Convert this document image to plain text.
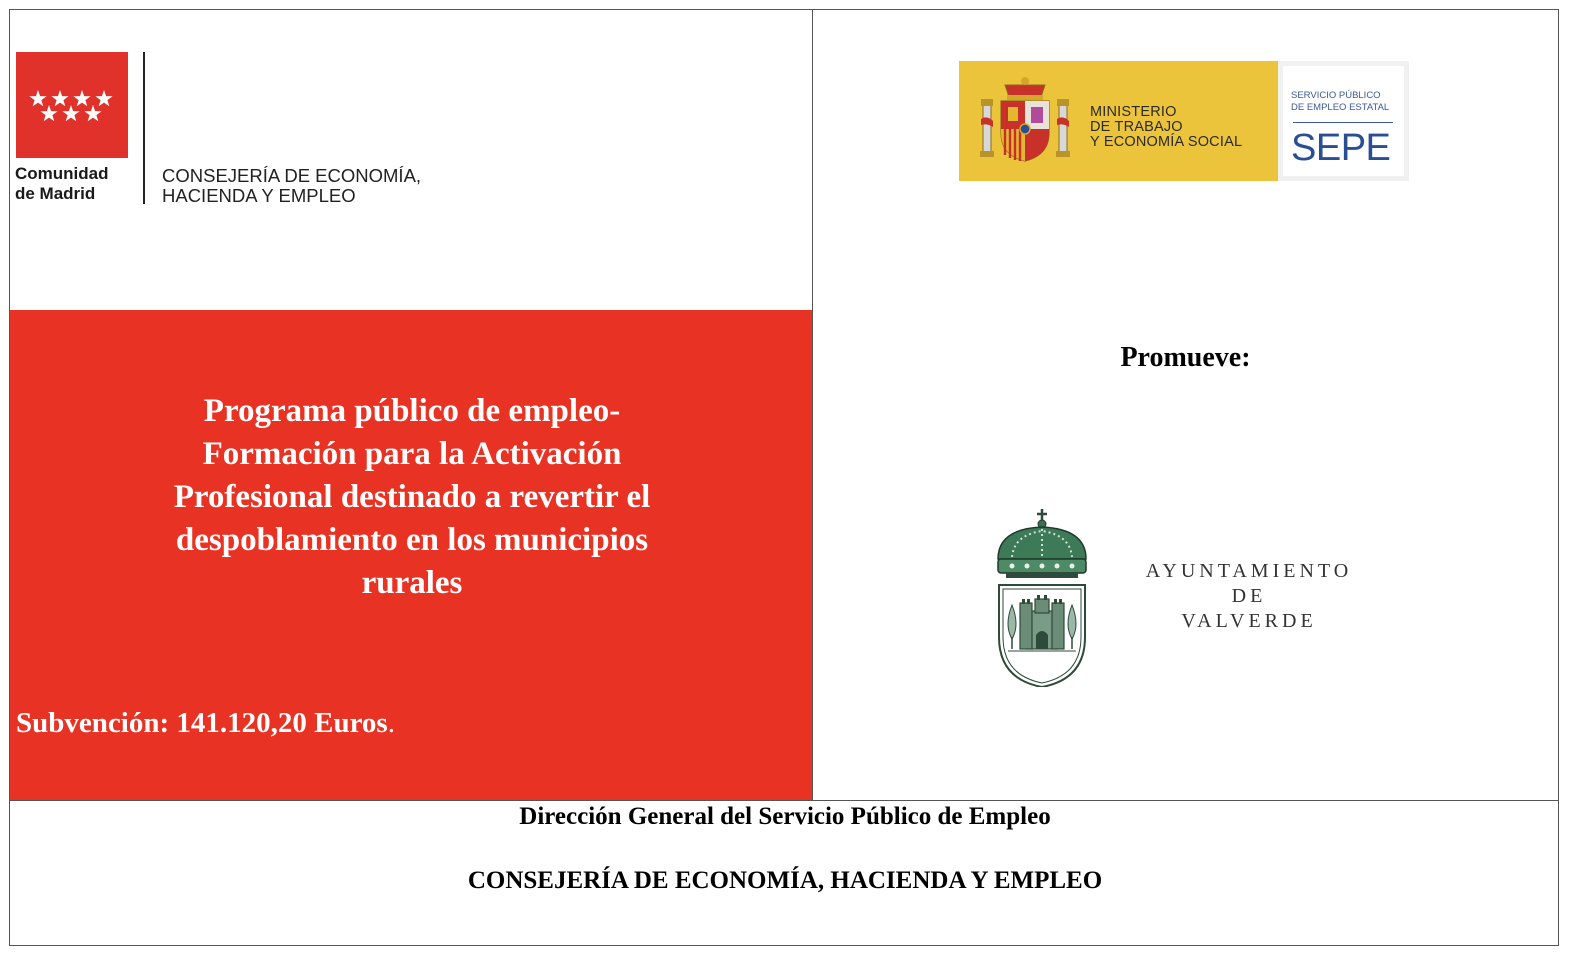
Comunidad
de Madrid
CONSEJERÍA DE ECONOMÍA,
HACIENDA Y EMPLEO
Programa público de empleo-
Formación para la Activación
Profesional destinado a revertir el
despoblamiento en los municipios
rurales
Subvención: 141.120,20 Euros.
MINISTERIO
DE TRABAJO
Y ECONOMÍA SOCIAL
SERVICIO PÚBLICO
DE EMPLEO ESTATAL
SEPE
Promueve:
AYUNTAMIENTO
DE
VALVERDE
Dirección General del Servicio Público de Empleo
CONSEJERÍA DE ECONOMÍA, HACIENDA Y EMPLEO
